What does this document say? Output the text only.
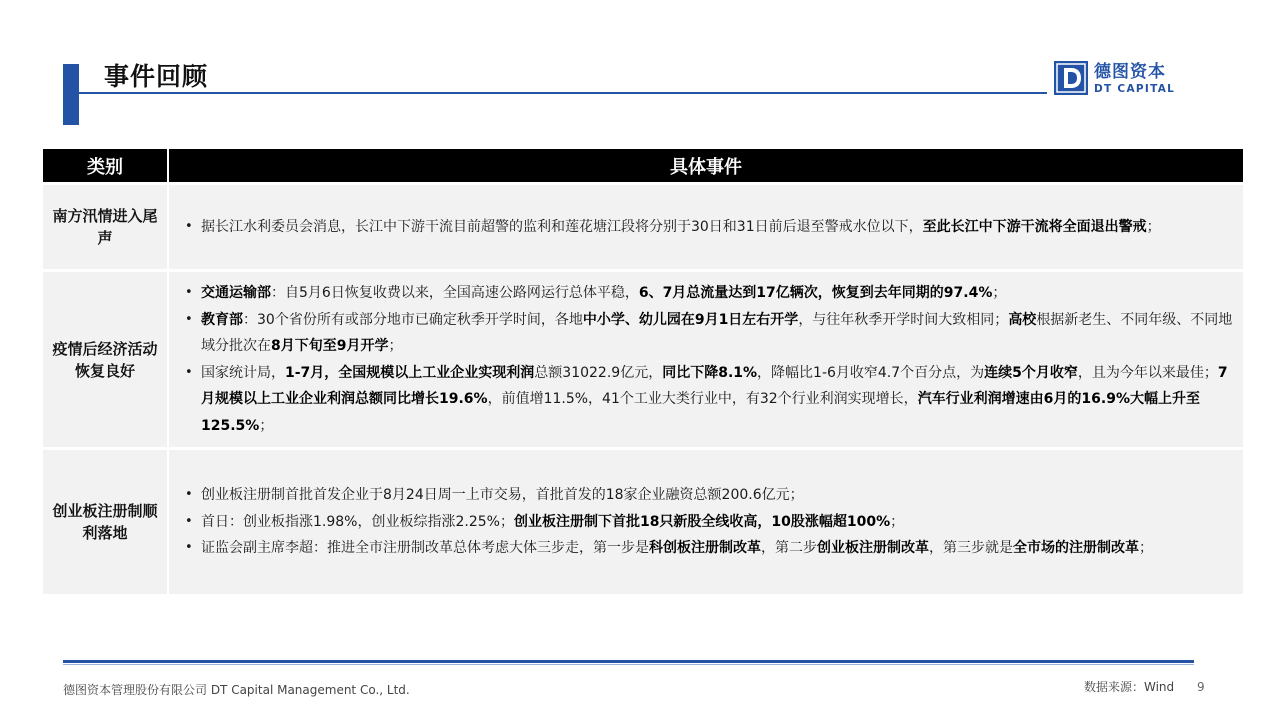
事件回顾	德图资本
DT CAPITAL
类别	具体事件
南方汛情进入尾声
• 据长江水利委员会消息，长江中下游干流目前超警的监利和莲花塘江段将分别于30日和31日前后退至警戒水位以下，至此长江中下游干流将全面退出警戒；
疫情后经济活动恢复良好
• 交通运输部：自5月6日恢复收费以来，全国高速公路网运行总体平稳，6、7月总流量达到17亿辆次，恢复到去年同期的97.4%；
• 教育部：30个省份所有或部分地市已确定秋季开学时间，各地中小学、幼儿园在9月1日左右开学，与往年秋季开学时间大致相同；高校根据新老生、不同年级、不同地域分批次在8月下旬至9月开学；
• 国家统计局，1-7月，全国规模以上工业企业实现利润总额31022.9亿元，同比下降8.1%，降幅比1-6月收窄4.7个百分点，为连续5个月收窄，且为今年以来最佳；7月规模以上工业企业利润总额同比增长19.6%，前值增11.5%，41个工业大类行业中，有32个行业利润实现增长，汽车行业利润增速由6月的16.9%大幅上升至125.5%；
创业板注册制顺利落地
• 创业板注册制首批首发企业于8月24日周一上市交易，首批首发的18家企业融资总额200.6亿元；
• 首日：创业板指涨1.98%，创业板综指涨2.25%；创业板注册制下首批18只新股全线收高，10股涨幅超100%；
• 证监会副主席李超：推进全市注册制改革总体考虑大体三步走，第一步是科创板注册制改革，第二步创业板注册制改革，第三步就是全市场的注册制改革；
德图资本管理股份有限公司 DT Capital Management Co., Ltd.	数据来源：Wind 9
